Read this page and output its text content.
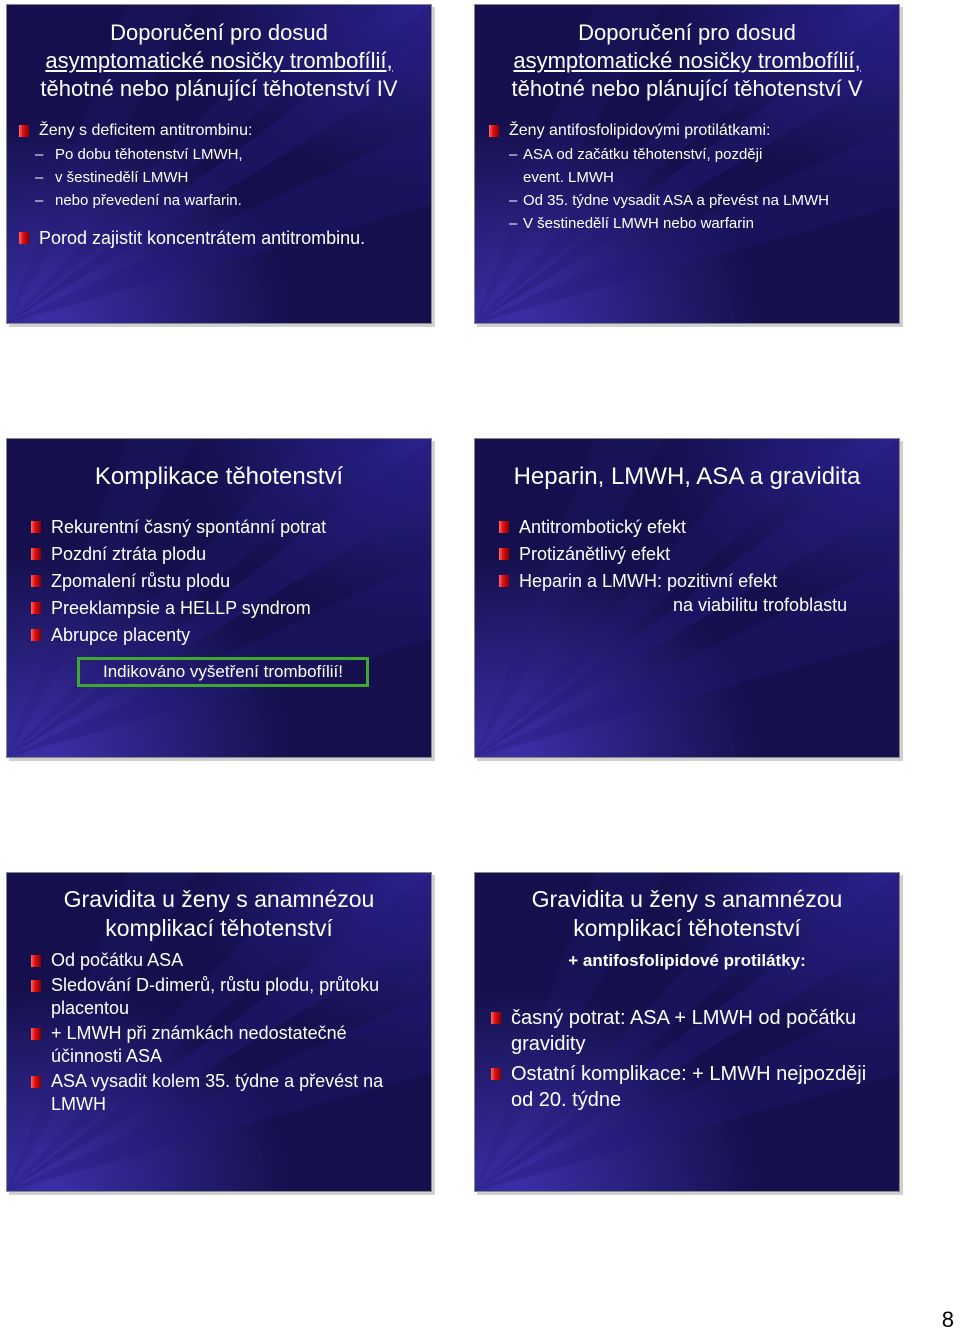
Doporučení pro dosud
asymptomatické nosičky trombofílií,
těhotné nebo plánující těhotenství IV
Ženy s deficitem antitrombinu:
– Po dobu těhotenství LMWH,
– v šestinedělí LMWH
– nebo převedení na warfarin.
Porod zajistit koncentrátem antitrombinu.
Doporučení pro dosud
asymptomatické nosičky trombofílií,
těhotné nebo plánující těhotenství V
Ženy antifosfolipidovými protilátkami:
– ASA od začátku těhotenství, později event. LMWH
– Od 35. týdne vysadit ASA a převést na LMWH
– V šestinedělí LMWH nebo warfarin
Komplikace těhotenství
Rekurentní časný spontánní potrat
Pozdní ztráta plodu
Zpomalení růstu plodu
Preeklampsie a HELLP syndrom
Abrupce placenty
Indikováno vyšetření trombofílií!
Heparin, LMWH, ASA a gravidita
Antitrombotický efekt
Protizánětlivý efekt
Heparin a LMWH: pozitivní efekt
na viabilitu trofoblastu
Gravidita u ženy s anamnézou
komplikací těhotenství
Od počátku ASA
Sledování D-dimerů, růstu plodu, průtoku placentou
+ LMWH při známkách nedostatečné účinnosti ASA
ASA vysadit kolem 35. týdne a převést na LMWH
Gravidita u ženy s anamnézou
komplikací těhotenství
+ antifosfolipidové protilátky:
časný potrat: ASA + LMWH od počátku gravidity
Ostatní komplikace: + LMWH nejpozději od 20. týdne
8
